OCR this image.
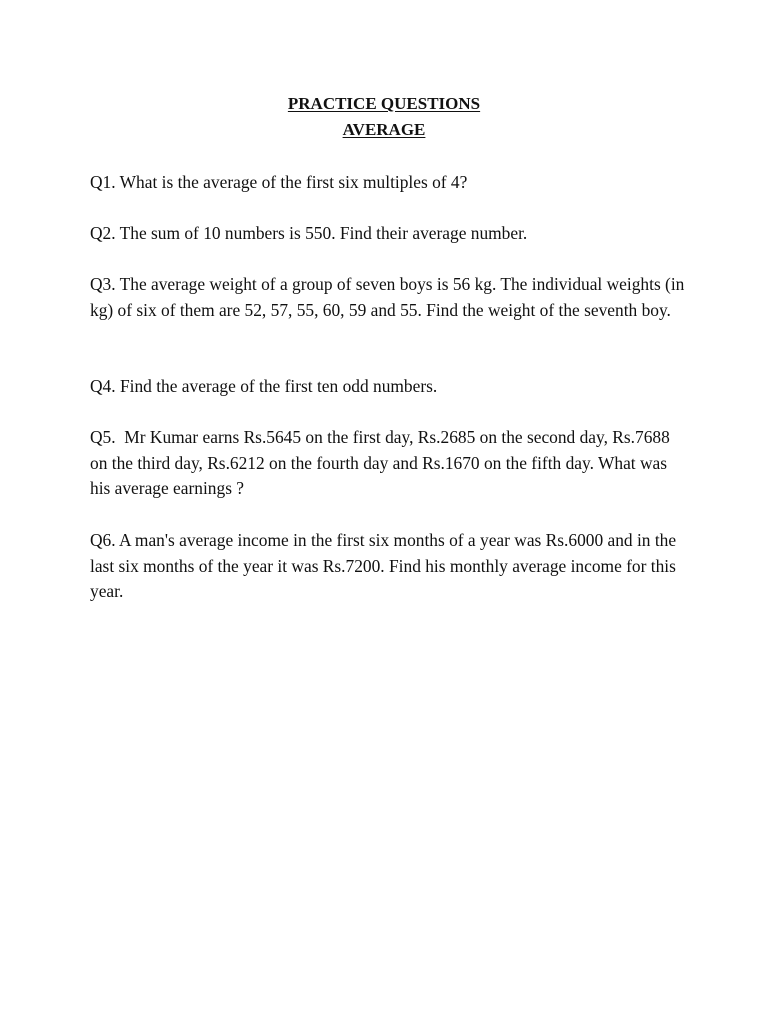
PRACTICE QUESTIONS
AVERAGE

Q1. What is the average of the first six multiples of 4?

Q2. The sum of 10 numbers is 550. Find their average number.

Q3. The average weight of a group of seven boys is 56 kg. The individual weights (in kg) of six of them are 52, 57, 55, 60, 59 and 55. Find the weight of the seventh boy.

Q4. Find the average of the first ten odd numbers.

Q5.  Mr Kumar earns Rs.5645 on the first day, Rs.2685 on the second day, Rs.7688 on the third day, Rs.6212 on the fourth day and Rs.1670 on the fifth day. What was his average earnings ?

Q6. A man's average income in the first six months of a year was Rs.6000 and in the last six months of the year it was Rs.7200. Find his monthly average income for this year.
